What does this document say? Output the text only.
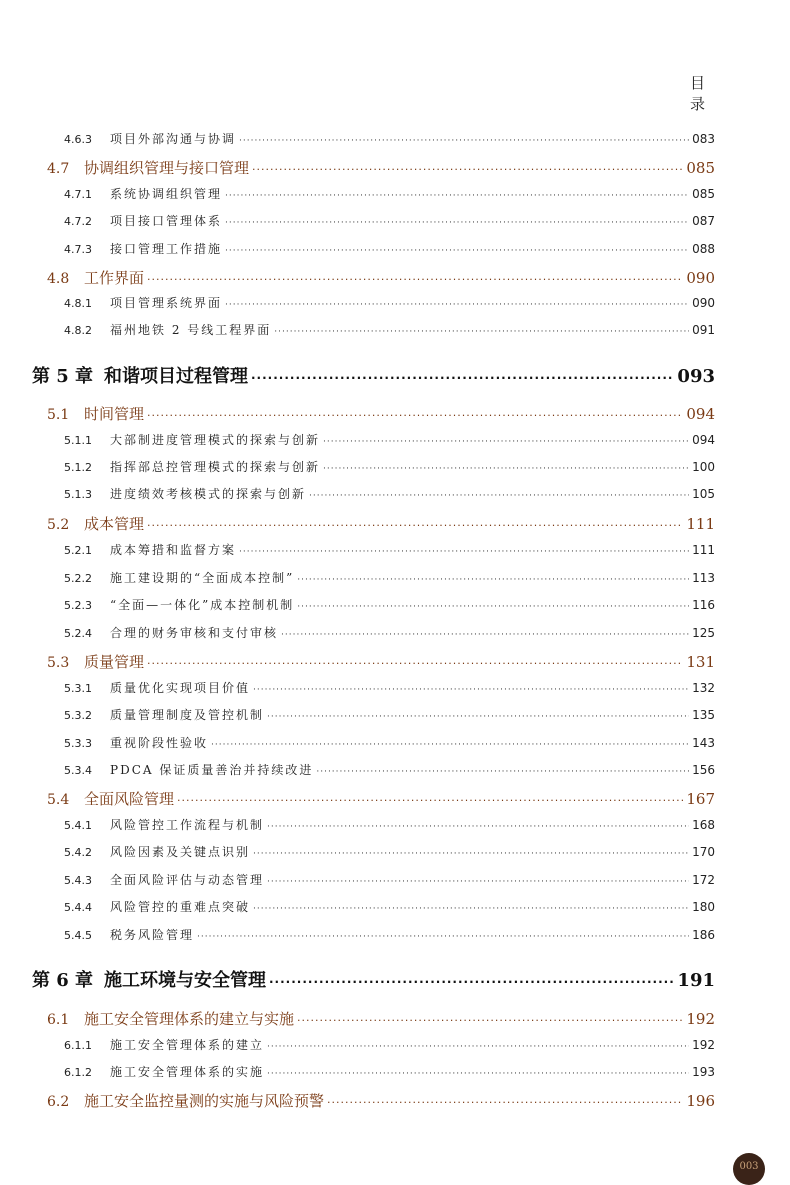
目 录
4.6.3	项目外部沟通与协调 ·····	083
4.7 协调组织管理与接口管理 ·····	085
4.7.1	系统协调组织管理 ·····	085
4.7.2	项目接口管理体系 ·····	087
4.7.3	接口管理工作措施 ·····	088
4.8 工作界面 ·····	090
4.8.1	项目管理系统界面 ·····	090
4.8.2	福州地铁 2 号线工程界面 ·····	091
第 5 章 和谐项目过程管理 ·····	093
5.1 时间管理 ·····	094
5.1.1	大部制进度管理模式的探索与创新 ·····	094
5.1.2	指挥部总控管理模式的探索与创新 ·····	100
5.1.3	进度绩效考核模式的探索与创新 ·····	105
5.2 成本管理 ·····	111
5.2.1	成本筹措和监督方案 ·····	111
5.2.2	施工建设期的“全面成本控制” ·····	113
5.2.3	“全面—一体化”成本控制机制 ·····	116
5.2.4	合理的财务审核和支付审核 ·····	125
5.3 质量管理 ·····	131
5.3.1	质量优化实现项目价值 ·····	132
5.3.2	质量管理制度及管控机制 ·····	135
5.3.3	重视阶段性验收 ·····	143
5.3.4	PDCA 保证质量善治并持续改进 ·····	156
5.4 全面风险管理 ·····	167
5.4.1	风险管控工作流程与机制 ·····	168
5.4.2	风险因素及关键点识别 ·····	170
5.4.3	全面风险评估与动态管理 ·····	172
5.4.4	风险管控的重难点突破 ·····	180
5.4.5	税务风险管理 ·····	186
第 6 章 施工环境与安全管理 ·····	191
6.1 施工安全管理体系的建立与实施 ·····	192
6.1.1	施工安全管理体系的建立 ·····	192
6.1.2	施工安全管理体系的实施 ·····	193
6.2 施工安全监控量测的实施与风险预警 ·····	196
003
